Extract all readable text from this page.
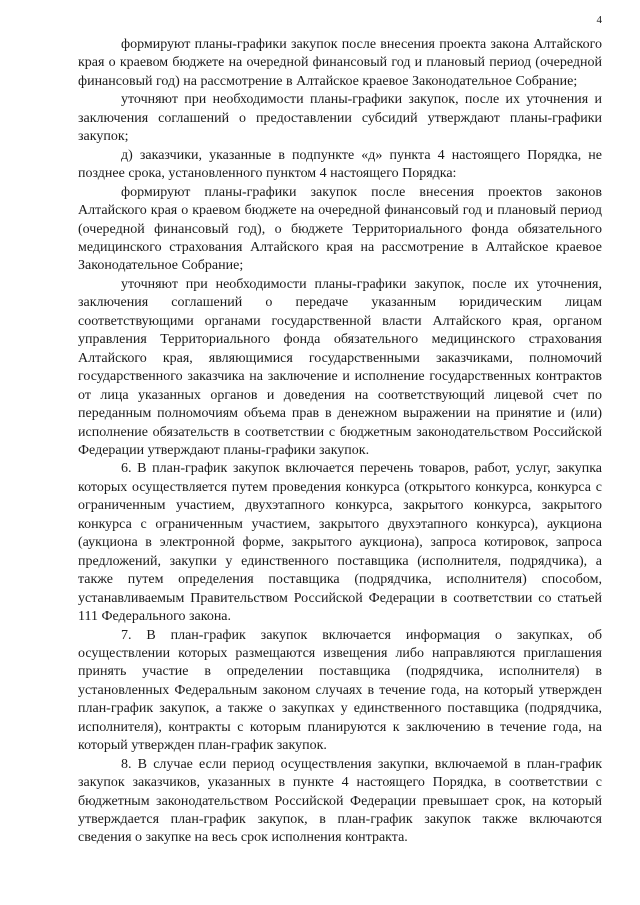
4

формируют планы-графики закупок после внесения проекта закона Алтайского края о краевом бюджете на очередной финансовый год и плановый период (очередной финансовый год) на рассмотрение в Алтайское краевое Законодательное Собрание;

уточняют при необходимости планы-графики закупок, после их уточнения и заключения соглашений о предоставлении субсидий утверждают планы-графики закупок;

д) заказчики, указанные в подпункте «д» пункта 4 настоящего Порядка, не позднее срока, установленного пунктом 4 настоящего Порядка:

формируют планы-графики закупок после внесения проектов законов Алтайского края о краевом бюджете на очередной финансовый год и плановый период (очередной финансовый год), о бюджете Территориального фонда обязательного медицинского страхования Алтайского края на рассмотрение в Алтайское краевое Законодательное Собрание;

уточняют при необходимости планы-графики закупок, после их уточнения, заключения соглашений о передаче указанным юридическим лицам соответствующими органами государственной власти Алтайского края, органом управления Территориального фонда обязательного медицинского страхования Алтайского края, являющимися государственными заказчиками, полномочий государственного заказчика на заключение и исполнение государственных контрактов от лица указанных органов и доведения на соответствующий лицевой счет по переданным полномочиям объема прав в денежном выражении на принятие и (или) исполнение обязательств в соответствии с бюджетным законодательством Российской Федерации утверждают планы-графики закупок.

6. В план-график закупок включается перечень товаров, работ, услуг, закупка которых осуществляется путем проведения конкурса (открытого конкурса, конкурса с ограниченным участием, двухэтапного конкурса, закрытого конкурса, закрытого конкурса с ограниченным участием, закрытого двухэтапного конкурса), аукциона (аукциона в электронной форме, закрытого аукциона), запроса котировок, запроса предложений, закупки у единственного поставщика (исполнителя, подрядчика), а также путем определения поставщика (подрядчика, исполнителя) способом, устанавливаемым Правительством Российской Федерации в соответствии со статьей 111 Федерального закона.

7. В план-график закупок включается информация о закупках, об осуществлении которых размещаются извещения либо направляются приглашения принять участие в определении поставщика (подрядчика, исполнителя) в установленных Федеральным законом случаях в течение года, на который утвержден план-график закупок, а также о закупках у единственного поставщика (подрядчика, исполнителя), контракты с которым планируются к заключению в течение года, на который утвержден план-график закупок.

8. В случае если период осуществления закупки, включаемой в план-график закупок заказчиков, указанных в пункте 4 настоящего Порядка, в соответствии с бюджетным законодательством Российской Федерации превышает срок, на который утверждается план-график закупок, в план-график закупок также включаются сведения о закупке на весь срок исполнения контракта.
